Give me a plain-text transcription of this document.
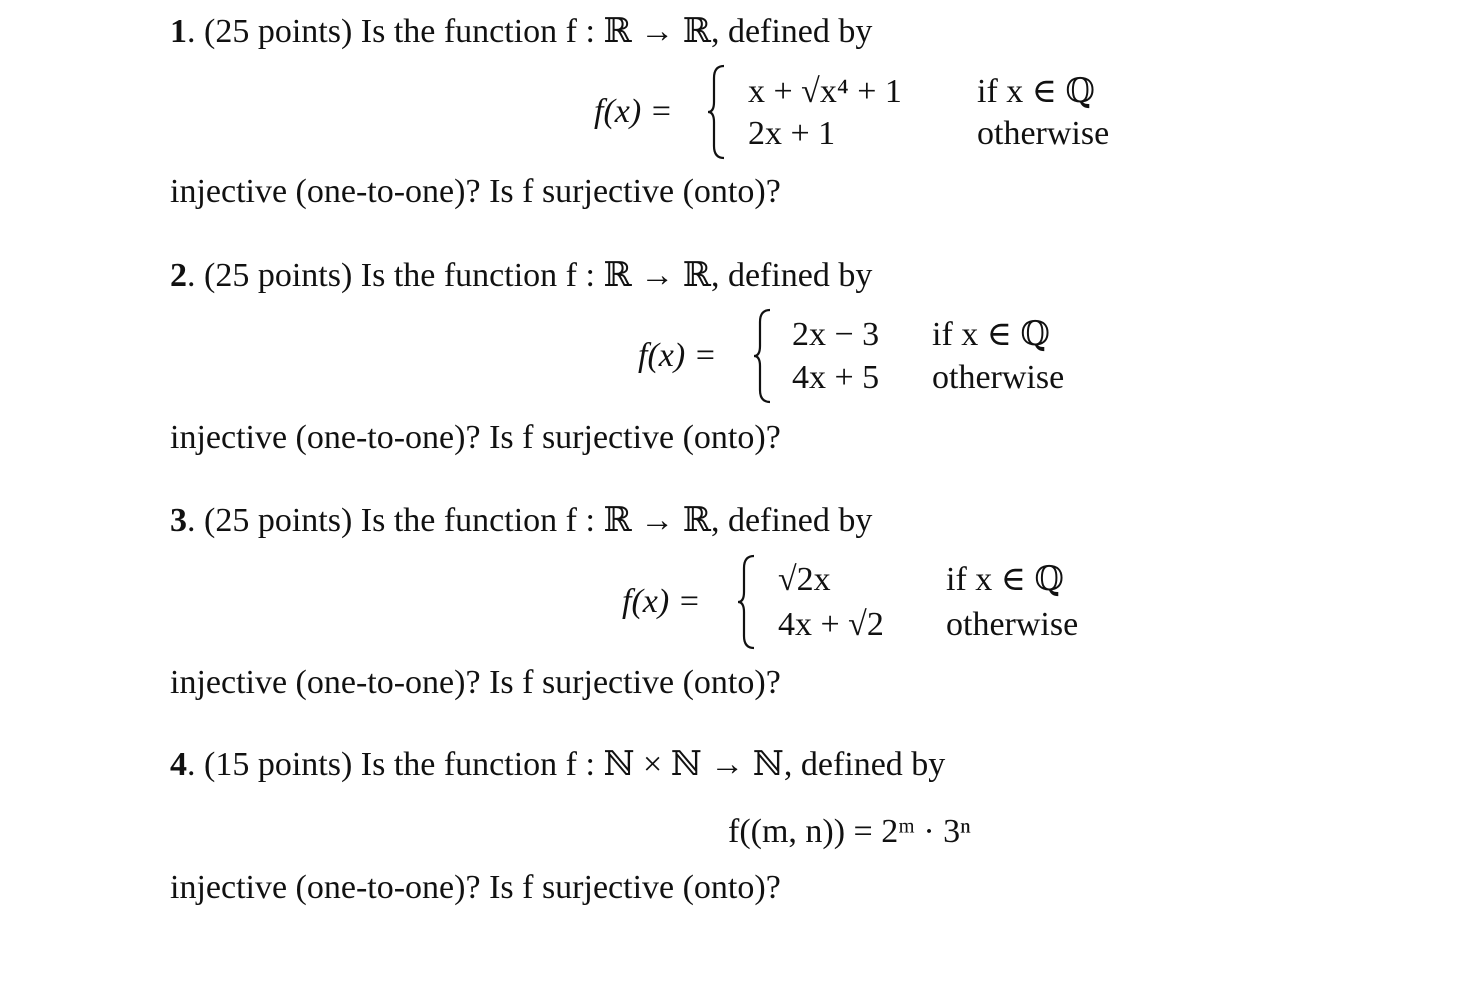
1. (25 points) Is the function f : ℝ → ℝ, defined by
f(x) =
x + √x⁴ + 1 if x ∈ ℚ
2x + 1	otherwise
injective (one-to-one)? Is f surjective (onto)?
2. (25 points) Is the function f : ℝ → ℝ, defined by
f(x) =
2x − 3 if x ∈ ℚ
4x + 5 otherwise
injective (one-to-one)? Is f surjective (onto)?
3. (25 points) Is the function f : ℝ → ℝ, defined by
f(x) =
√2x	if x ∈ ℚ
4x + √2 otherwise
injective (one-to-one)? Is f surjective (onto)?
4. (15 points) Is the function f : ℕ × ℕ → ℕ, defined by
f((m, n)) = 2ᵐ · 3ⁿ
injective (one-to-one)? Is f surjective (onto)?
